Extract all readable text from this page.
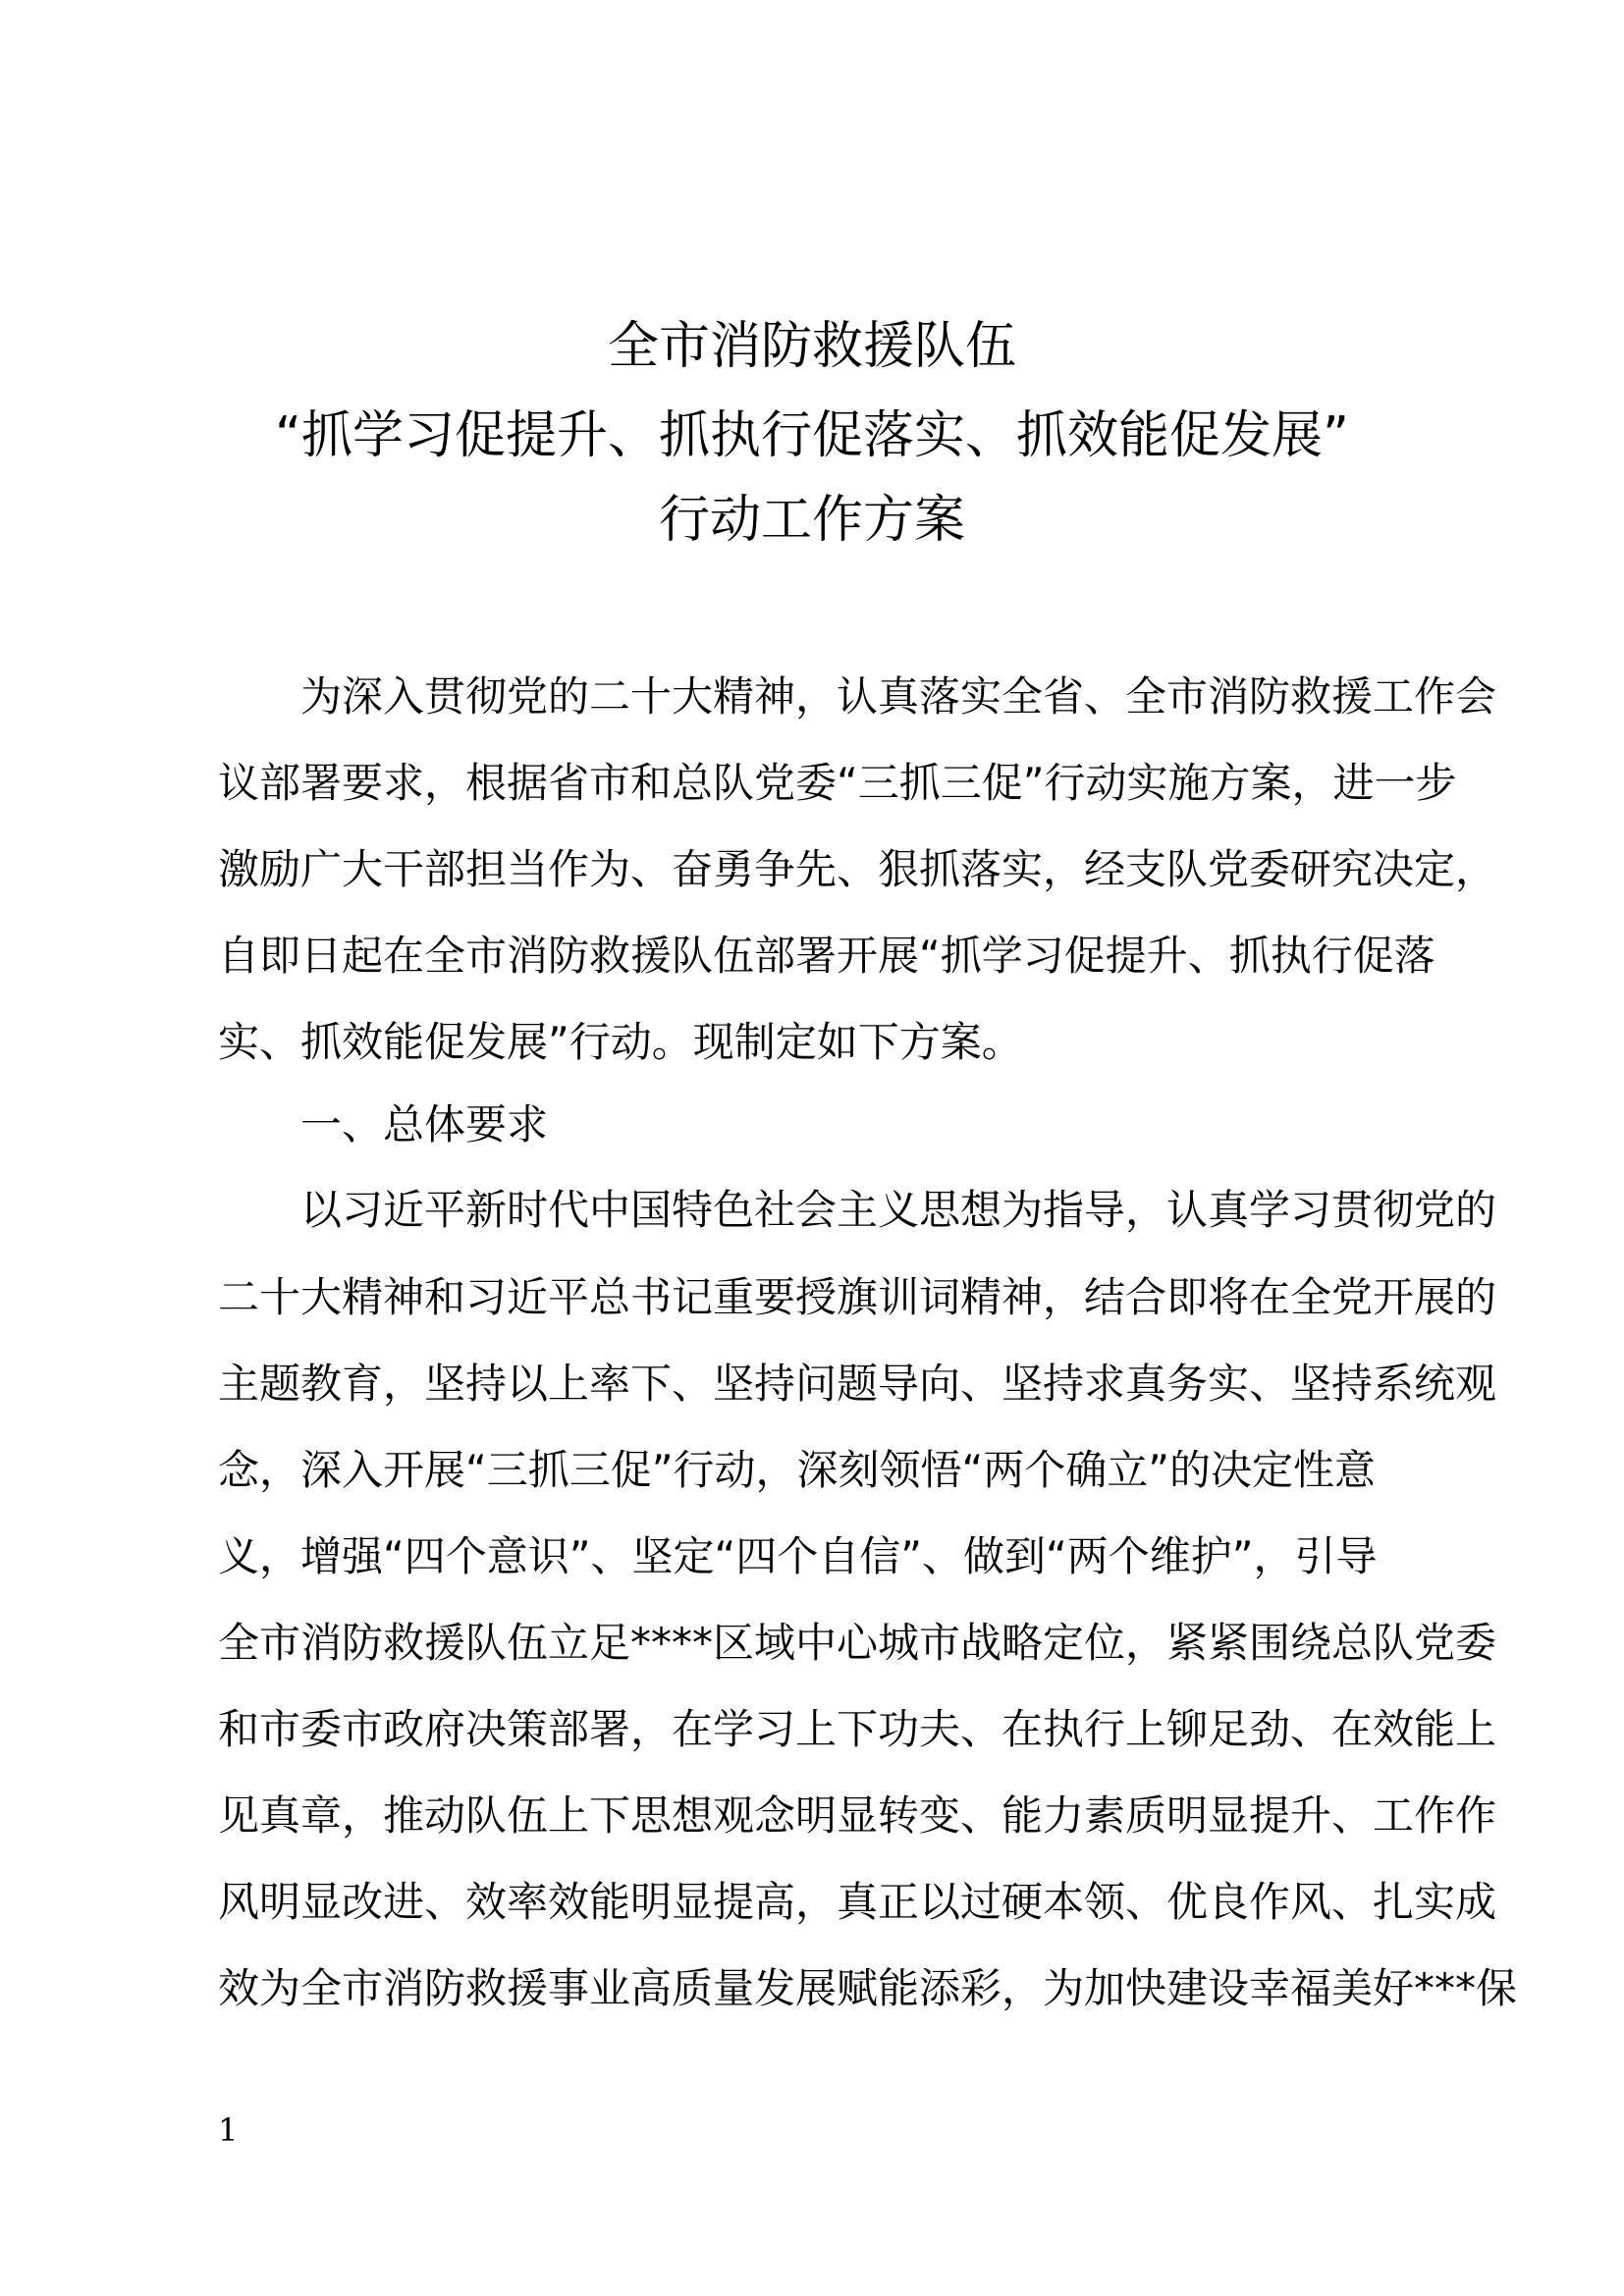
全市消防救援队伍
“抓学习促提升、抓执行促落实、抓效能促发展”
行动工作方案

　　为深入贯彻党的二十大精神，认真落实全省、全市消防救援工作会

议部署要求，根据省市和总队党委“三抓三促”行动实施方案，进一步

激励广大干部担当作为、奋勇争先、狠抓落实，经支队党委研究决定，

自即日起在全市消防救援队伍部署开展“抓学习促提升、抓执行促落

实、抓效能促发展”行动。现制定如下方案。

　　一、总体要求

　　以习近平新时代中国特色社会主义思想为指导，认真学习贯彻党的

二十大精神和习近平总书记重要授旗训词精神，结合即将在全党开展的

主题教育，坚持以上率下、坚持问题导向、坚持求真务实、坚持系统观

念，深入开展“三抓三促”行动，深刻领悟“两个确立”的决定性意

义，增强“四个意识”、坚定“四个自信”、做到“两个维护”，引导

全市消防救援队伍立足****区域中心城市战略定位，紧紧围绕总队党委

和市委市政府决策部署，在学习上下功夫、在执行上铆足劲、在效能上

见真章，推动队伍上下思想观念明显转变、能力素质明显提升、工作作

风明显改进、效率效能明显提高，真正以过硬本领、优良作风、扎实成

效为全市消防救援事业高质量发展赋能添彩，为加快建设幸福美好***保

1
